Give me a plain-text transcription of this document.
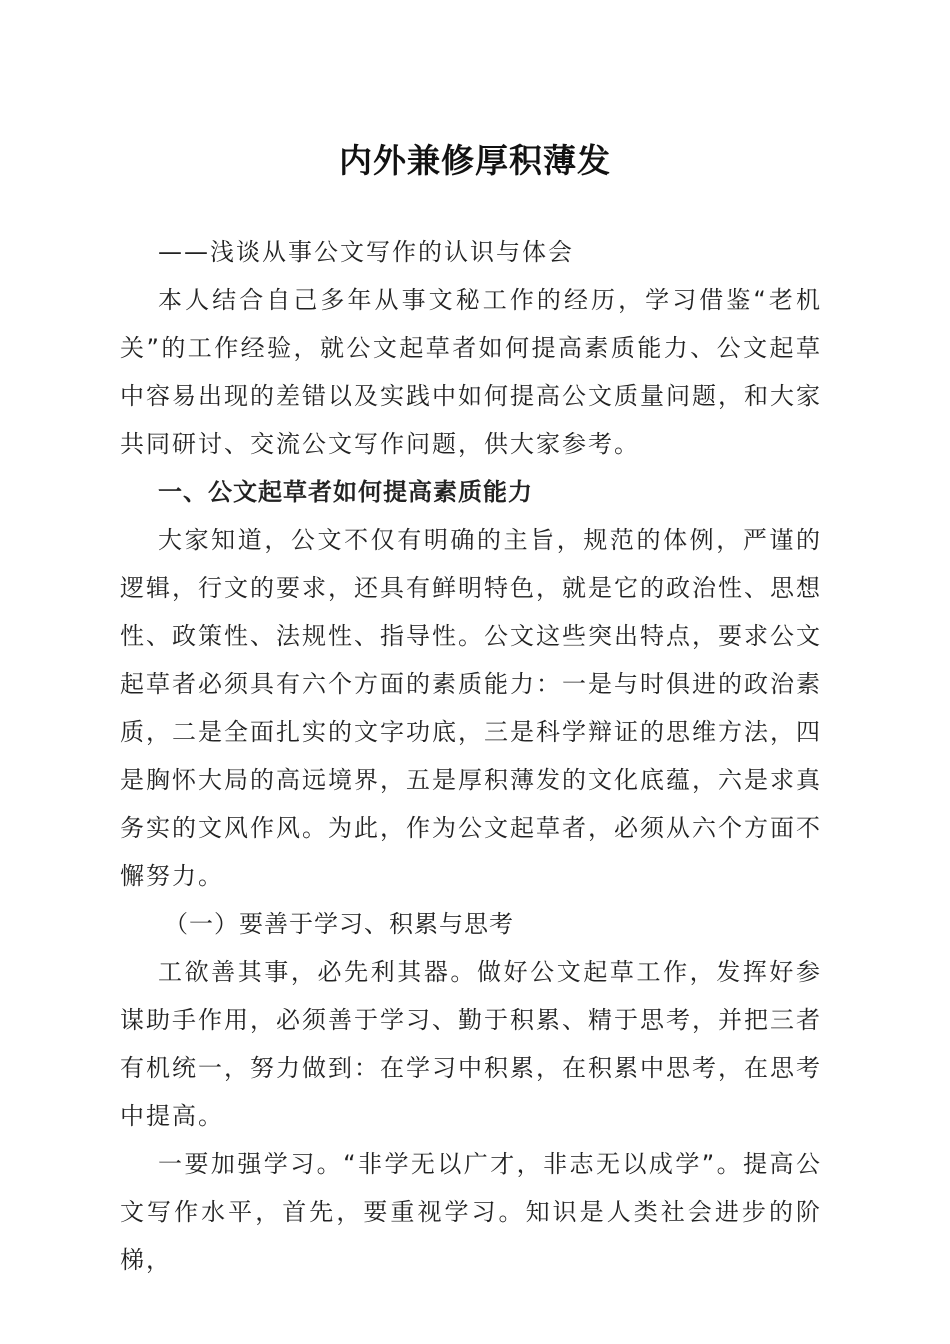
内外兼修厚积薄发

——浅谈从事公文写作的认识与体会

本人结合自己多年从事文秘工作的经历，学习借鉴“老机关”的工作经验，就公文起草者如何提高素质能力、公文起草中容易出现的差错以及实践中如何提高公文质量问题，和大家共同研讨、交流公文写作问题，供大家参考。

一、公文起草者如何提高素质能力

大家知道，公文不仅有明确的主旨，规范的体例，严谨的逻辑，行文的要求，还具有鲜明特色，就是它的政治性、思想性、政策性、法规性、指导性。公文这些突出特点，要求公文起草者必须具有六个方面的素质能力：一是与时俱进的政治素质，二是全面扎实的文字功底，三是科学辩证的思维方法，四是胸怀大局的高远境界，五是厚积薄发的文化底蕴，六是求真务实的文风作风。为此，作为公文起草者，必须从六个方面不懈努力。

（一）要善于学习、积累与思考

工欲善其事，必先利其器。做好公文起草工作，发挥好参谋助手作用，必须善于学习、勤于积累、精于思考，并把三者有机统一，努力做到：在学习中积累，在积累中思考，在思考中提高。

一要加强学习。“非学无以广才，非志无以成学”。提高公文写作水平，首先，要重视学习。知识是人类社会进步的阶梯，
